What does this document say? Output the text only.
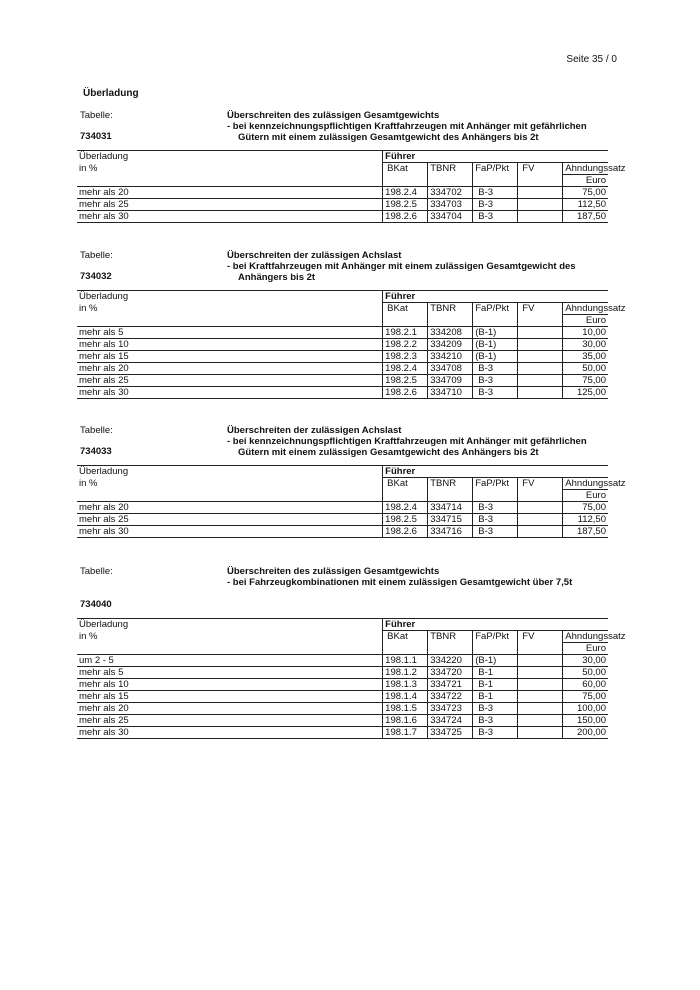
Seite 35 / 0
Überladung
Tabelle:
734031
Überschreiten des zulässigen Gesamtgewichts
- bei kennzeichnungspflichtigen Kraftfahrzeugen mit Anhänger mit gefährlichen
Gütern mit einem zulässigen Gesamtgewicht des Anhängers bis 2t
Überladung	Führer				
in %	BKat	TBNR	FaP/Pkt	FV	Ahndungssatz
					Euro
mehr als 20	198.2.4	334702	B-3		75,00
mehr als 25	198.2.5	334703	B-3		112,50
mehr als 30	198.2.6	334704	B-3		187,50
Tabelle:
734032
Überschreiten der zulässigen Achslast
- bei Kraftfahrzeugen mit Anhänger mit einem zulässigen Gesamtgewicht des
Anhängers bis 2t
Überladung	Führer				
in %	BKat	TBNR	FaP/Pkt	FV	Ahndungssatz
					Euro
mehr als 5	198.2.1	334208	(B-1)		10,00
mehr als 10	198.2.2	334209	(B-1)		30,00
mehr als 15	198.2.3	334210	(B-1)		35,00
mehr als 20	198.2.4	334708	B-3		50,00
mehr als 25	198.2.5	334709	B-3		75,00
mehr als 30	198.2.6	334710	B-3		125,00
Tabelle:
734033
Überschreiten der zulässigen Achslast
- bei kennzeichnungspflichtigen Kraftfahrzeugen mit Anhänger mit gefährlichen
Gütern mit einem zulässigen Gesamtgewicht des Anhängers bis 2t
Überladung	Führer				
in %	BKat	TBNR	FaP/Pkt	FV	Ahndungssatz
					Euro
mehr als 20	198.2.4	334714	B-3		75,00
mehr als 25	198.2.5	334715	B-3		112,50
mehr als 30	198.2.6	334716	B-3		187,50
Tabelle:
734040
Überschreiten des zulässigen Gesamtgewichts
- bei Fahrzeugkombinationen mit einem zulässigen Gesamtgewicht über 7,5t
Überladung	Führer				
in %	BKat	TBNR	FaP/Pkt	FV	Ahndungssatz
					Euro
um 2 - 5	198.1.1	334220	(B-1)		30,00
mehr als 5	198.1.2	334720	B-1		50,00
mehr als 10	198.1.3	334721	B-1		60,00
mehr als 15	198.1.4	334722	B-1		75,00
mehr als 20	198.1.5	334723	B-3		100,00
mehr als 25	198.1.6	334724	B-3		150,00
mehr als 30	198.1.7	334725	B-3		200,00
